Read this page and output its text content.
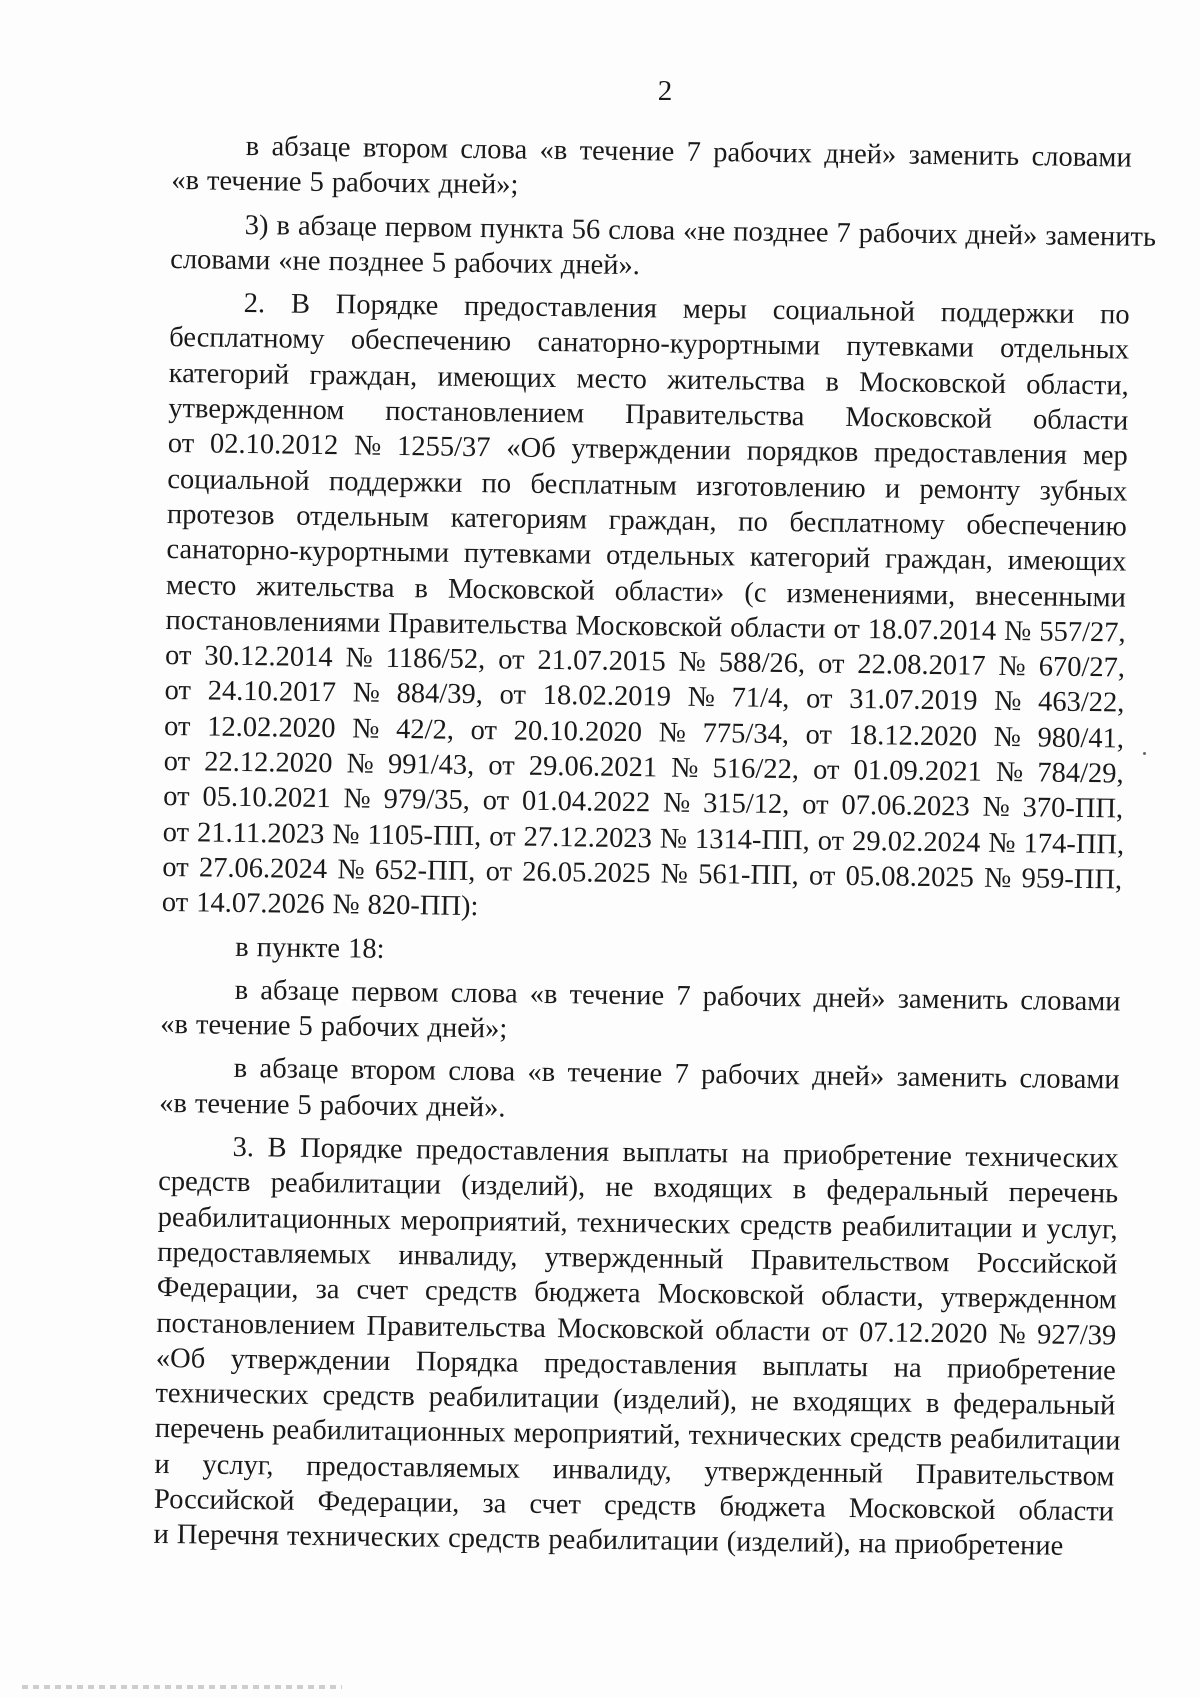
2
в абзаце втором слова «в течение 7 рабочих дней» заменить словами
«в течение 5 рабочих дней»;
3) в абзаце первом пункта 56 слова «не позднее 7 рабочих дней» заменить
словами «не позднее 5 рабочих дней».
2. В Порядке предоставления меры социальной поддержки по
бесплатному обеспечению санаторно-курортными путевками отдельных
категорий граждан, имеющих место жительства в Московской области,
утвержденном постановлением Правительства Московской области
от 02.10.2012 № 1255/37 «Об утверждении порядков предоставления мер
социальной поддержки по бесплатным изготовлению и ремонту зубных
протезов отдельным категориям граждан, по бесплатному обеспечению
санаторно-курортными путевками отдельных категорий граждан, имеющих
место жительства в Московской области» (с изменениями, внесенными
постановлениями Правительства Московской области от 18.07.2014 № 557/27,
от 30.12.2014 № 1186/52, от 21.07.2015 № 588/26, от 22.08.2017 № 670/27,
от 24.10.2017 № 884/39, от 18.02.2019 № 71/4, от 31.07.2019 № 463/22,
от 12.02.2020 № 42/2, от 20.10.2020 № 775/34, от 18.12.2020 № 980/41,
от 22.12.2020 № 991/43, от 29.06.2021 № 516/22, от 01.09.2021 № 784/29,
от 05.10.2021 № 979/35, от 01.04.2022 № 315/12, от 07.06.2023 № 370-ПП,
от 21.11.2023 № 1105-ПП, от 27.12.2023 № 1314-ПП, от 29.02.2024 № 174-ПП,
от 27.06.2024 № 652-ПП, от 26.05.2025 № 561-ПП, от 05.08.2025 № 959-ПП,
от 14.07.2026 № 820-ПП):
в пункте 18:
в абзаце первом слова «в течение 7 рабочих дней» заменить словами
«в течение 5 рабочих дней»;
в абзаце втором слова «в течение 7 рабочих дней» заменить словами
«в течение 5 рабочих дней».
3. В Порядке предоставления выплаты на приобретение технических
средств реабилитации (изделий), не входящих в федеральный перечень
реабилитационных мероприятий, технических средств реабилитации и услуг,
предоставляемых инвалиду, утвержденный Правительством Российской
Федерации, за счет средств бюджета Московской области, утвержденном
постановлением Правительства Московской области от 07.12.2020 № 927/39
«Об утверждении Порядка предоставления выплаты на приобретение
технических средств реабилитации (изделий), не входящих в федеральный
перечень реабилитационных мероприятий, технических средств реабилитации
и услуг, предоставляемых инвалиду, утвержденный Правительством
Российской Федерации, за счет средств бюджета Московской области
и Перечня технических средств реабилитации (изделий), на приобретение
